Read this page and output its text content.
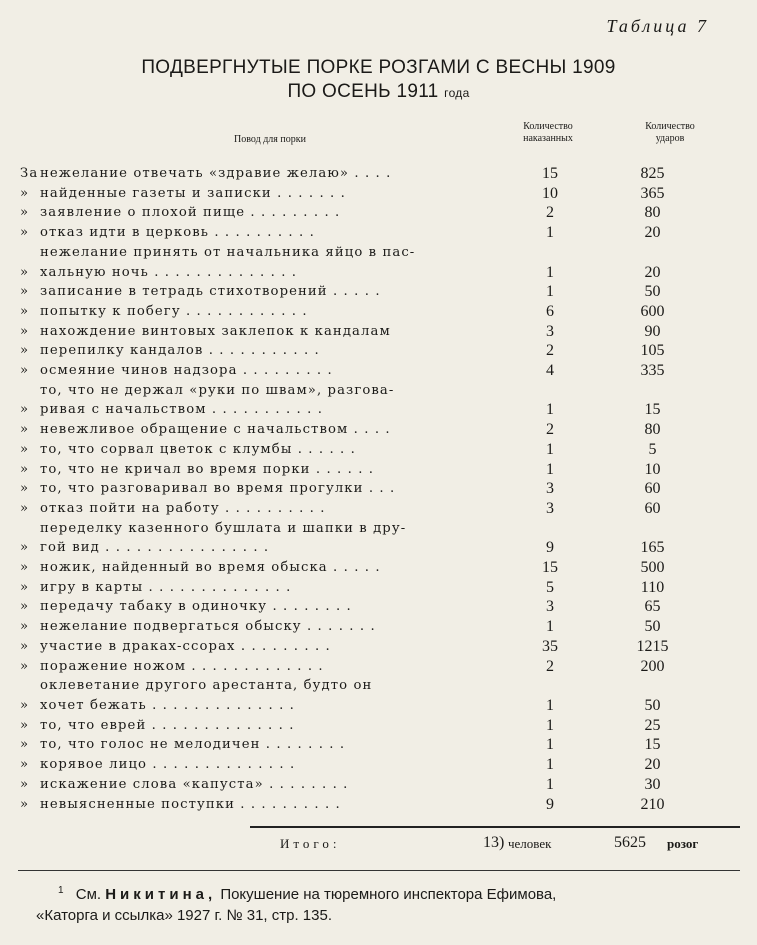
Таблица 7
ПОДВЕРГНУТЫЕ ПОРКЕ РОЗГАМИ С ВЕСНЫ 1909
ПО ОСЕНЬ 1911 года
Повод для порки
Количество
наказанных
Количество
ударов
За нежелание отвечать «здравие желаю» . . . .	15	825
» найденные газеты и записки . . . . . . .	10	365
» заявление о плохой пище . . . . . . . . .	2	80
» отказ идти в церковь . . . . . . . . . .	1	20
»
нежелание принять от начальника яйцо в пас-
хальную ночь . . . . . . . . . . . . . .	1	20
» записание в тетрадь стихотворений . . . . .	1	50
» попытку к побегу . . . . . . . . . . . .	6	600
» нахождение винтовых заклепок к кандалам	3	90
» перепилку кандалов . . . . . . . . . . .	2	105
» осмеяние чинов надзора . . . . . . . . .	4	335
»
то, что не держал «руки по швам», разгова-
ривая с начальством . . . . . . . . . . .	1	15
» невежливое обращение с начальством . . . .	2	80
» то, что сорвал цветок с клумбы . . . . . .	1	5
» то, что не кричал во время порки . . . . . .	1	10
» то, что разговаривал во время прогулки . . .	3	60
» отказ пойти на работу . . . . . . . . . .	3	60
»
переделку казенного бушлата и шапки в дру-
гой вид . . . . . . . . . . . . . . . .	9	165
» ножик, найденный во время обыска . . . . .	15	500
» игру в карты . . . . . . . . . . . . . .	5	110
» передачу табаку в одиночку . . . . . . . .	3	65
» нежелание подвергаться обыску . . . . . . .	1	50
» участие в драках-ссорах . . . . . . . . .	35	1215
» поражение ножом . . . . . . . . . . . . .	2	200
»
оклеветание другого арестанта, будто он
хочет бежать . . . . . . . . . . . . . .	1	50
» то, что еврей . . . . . . . . . . . . . .	1	25
» то, что голос не мелодичен . . . . . . . .	1	15
» корявое лицо . . . . . . . . . . . . . .	1	20
» искажение слова «капуста» . . . . . . . .	1	30
» невыясненные поступки . . . . . . . . . .	9	210
Итого:	13) человек	5625 розог
$^1$ См. Никитина, Покушение на тюремного инспектора Ефимова,
«Каторга и ссылка» 1927 г. № 31, стр. 135.
